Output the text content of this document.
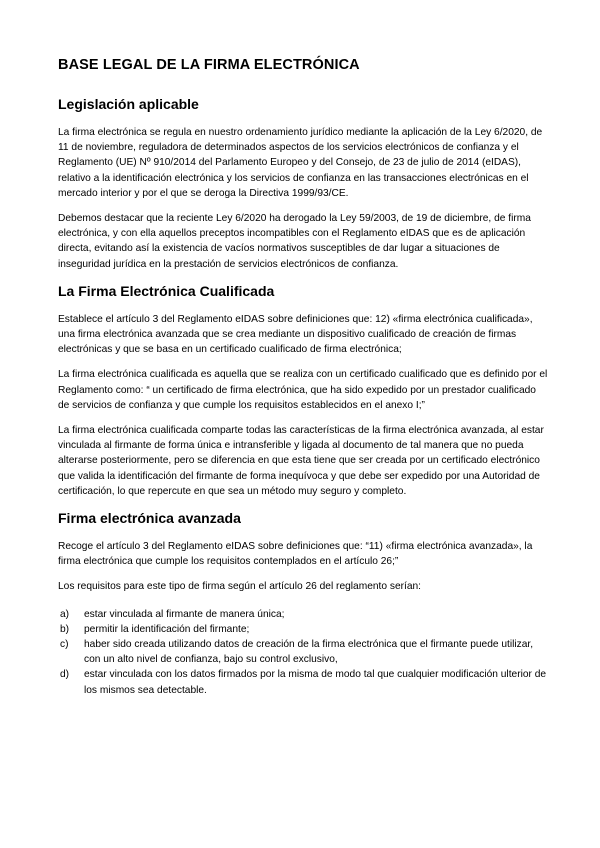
BASE LEGAL DE LA FIRMA ELECTRÓNICA
Legislación aplicable

La firma electrónica se regula en nuestro ordenamiento jurídico mediante la aplicación de la Ley 6/2020, de 11 de noviembre, reguladora de determinados aspectos de los servicios electrónicos de confianza y el Reglamento (UE) Nº 910/2014 del Parlamento Europeo y del Consejo, de 23 de julio de 2014 (eIDAS), relativo a la identificación electrónica y los servicios de confianza en las transacciones electrónicas en el mercado interior y por el que se deroga la Directiva 1999/93/CE.

Debemos destacar que la reciente Ley 6/2020 ha derogado la Ley 59/2003, de 19 de diciembre, de firma electrónica, y con ella aquellos preceptos incompatibles con el Reglamento eIDAS que es de aplicación directa, evitando así la existencia de vacíos normativos susceptibles de dar lugar a situaciones de inseguridad jurídica en la prestación de servicios electrónicos de confianza.

La Firma Electrónica Cualificada

Establece el artículo 3 del Reglamento eIDAS sobre definiciones que: 12) «firma electrónica cualificada», una firma electrónica avanzada que se crea mediante un dispositivo cualificado de creación de firmas electrónicas y que se basa en un certificado cualificado de firma electrónica;

La firma electrónica cualificada es aquella que se realiza con un certificado cualificado que es definido por el Reglamento como: “ un certificado de firma electrónica, que ha sido expedido por un prestador cualificado de servicios de confianza y que cumple los requisitos establecidos en el anexo I;”

La firma electrónica cualificada comparte todas las características de la firma electrónica avanzada, al estar vinculada al firmante de forma única e intransferible y ligada al documento de tal manera que no pueda alterarse posteriormente, pero se diferencia en que esta tiene que ser creada por un certificado electrónico que valida la identificación del firmante de forma inequívoca y que debe ser expedido por una Autoridad de certificación, lo que repercute en que sea un método muy seguro y completo.

Firma electrónica avanzada

Recoge el artículo 3 del Reglamento eIDAS sobre definiciones que: “11) «firma electrónica avanzada», la firma electrónica que cumple los requisitos contemplados en el artículo 26;”

Los requisitos para este tipo de firma según el artículo 26 del reglamento serían:

a)	estar vinculada al firmante de manera única;
b)	permitir la identificación del firmante;
c)	haber sido creada utilizando datos de creación de la firma electrónica que el firmante puede utilizar, con un alto nivel de confianza, bajo su control exclusivo,
d)	estar vinculada con los datos firmados por la misma de modo tal que cualquier modificación ulterior de los mismos sea detectable.
